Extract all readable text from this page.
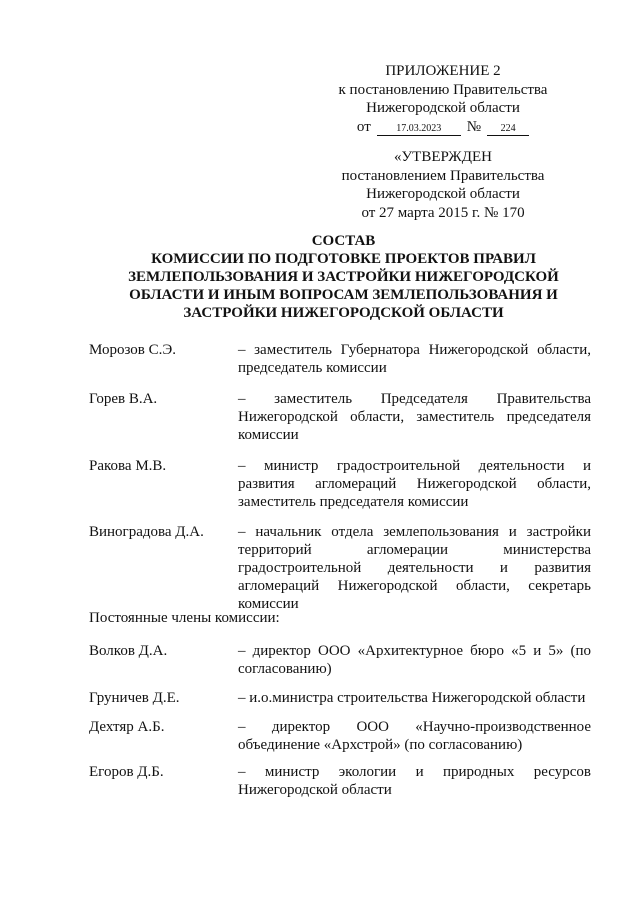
ПРИЛОЖЕНИЕ 2
к постановлению Правительства
Нижегородской области
от	17.03.2023	№	224
«УТВЕРЖДЕН
постановлением Правительства
Нижегородской области
от 27 марта 2015 г. № 170
СОСТАВ
КОМИССИИ ПО ПОДГОТОВКЕ ПРОЕКТОВ ПРАВИЛ
ЗЕМЛЕПОЛЬЗОВАНИЯ И ЗАСТРОЙКИ НИЖЕГОРОДСКОЙ
ОБЛАСТИ И ИНЫМ ВОПРОСАМ ЗЕМЛЕПОЛЬЗОВАНИЯ И
ЗАСТРОЙКИ НИЖЕГОРОДСКОЙ ОБЛАСТИ
Морозов С.Э.	– заместитель Губернатора Нижегородской области, председатель комиссии
Горев В.А.	– заместитель Председателя Правительства Нижегородской области, заместитель председателя комиссии
Ракова М.В.	– министр градостроительной деятельности и развития агломераций Нижегородской области, заместитель председателя комиссии
Виноградова Д.А.	– начальник отдела землепользования и застройки территорий агломерации министерства градостроительной деятельности и развития агломераций Нижегородской области, секретарь комиссии
Постоянные члены комиссии:
Волков Д.А.	– директор ООО «Архитектурное бюро «5 и 5» (по согласованию)
Груничев Д.Е.	– и.о.министра строительства Нижегородской области
Дехтяр А.Б.	– директор ООО «Научно-производственное объединение «Архстрой» (по согласованию)
Егоров Д.Б.	– министр экологии и природных ресурсов Нижегородской области
